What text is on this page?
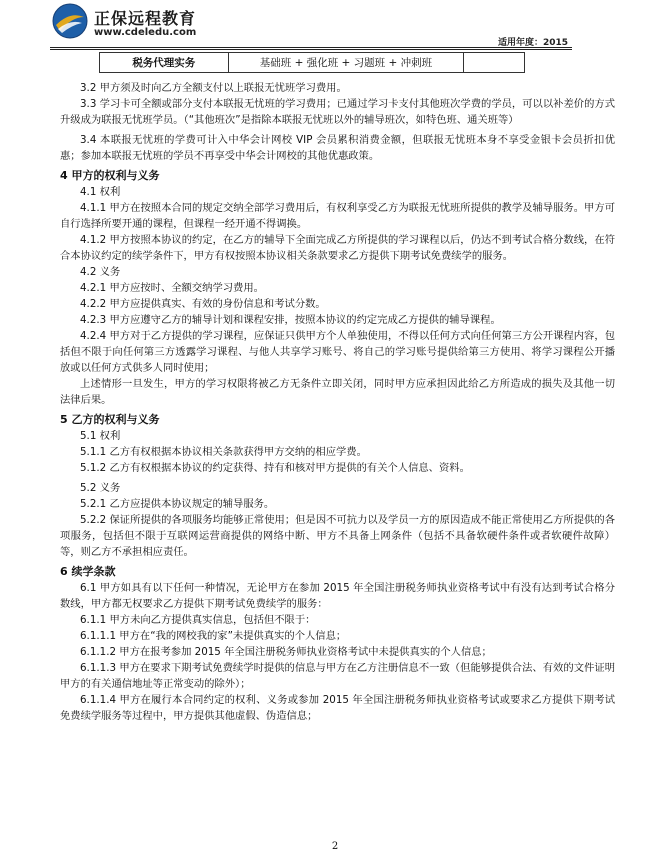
正保远程教育
www.cdeledu.com
适用年度：2015
税务代理实务	基础班 + 强化班 + 习题班 + 冲刺班	

3.2 甲方须及时向乙方全额支付以上联报无忧班学习费用。

3.3 学习卡可全额或部分支付本联报无忧班的学习费用；已通过学习卡支付其他班次学费的学员，可以以补差价的方式升级成为联报无忧班学员。（“其他班次”是指除本联报无忧班以外的辅导班次，如特色班、通关班等）

3.4 本联报无忧班的学费可计入中华会计网校 VIP 会员累积消费金额，但联报无忧班本身不享受金银卡会员折扣优惠；参加本联报无忧班的学员不再享受中华会计网校的其他优惠政策。

4 甲方的权利与义务

4.1 权利

4.1.1 甲方在按照本合同的规定交纳全部学习费用后，有权利享受乙方为联报无忧班所提供的教学及辅导服务。甲方可自行选择所要开通的课程，但课程一经开通不得调换。

4.1.2 甲方按照本协议的约定，在乙方的辅导下全面完成乙方所提供的学习课程以后，仍达不到考试合格分数线，在符合本协议约定的续学条件下，甲方有权按照本协议相关条款要求乙方提供下期考试免费续学的服务。

4.2 义务

4.2.1 甲方应按时、全额交纳学习费用。

4.2.2 甲方应提供真实、有效的身份信息和考试分数。

4.2.3 甲方应遵守乙方的辅导计划和课程安排，按照本协议的约定完成乙方提供的辅导课程。

4.2.4 甲方对于乙方提供的学习课程，应保证只供甲方个人单独使用，不得以任何方式向任何第三方公开课程内容，包括但不限于向任何第三方透露学习课程、与他人共享学习账号、将自己的学习账号提供给第三方使用、将学习课程公开播放或以任何方式供多人同时使用；

上述情形一旦发生，甲方的学习权限将被乙方无条件立即关闭，同时甲方应承担因此给乙方所造成的损失及其他一切法律后果。

5 乙方的权利与义务

5.1 权利

5.1.1 乙方有权根据本协议相关条款获得甲方交纳的相应学费。

5.1.2 乙方有权根据本协议的约定获得、持有和核对甲方提供的有关个人信息、资料。

5.2 义务

5.2.1 乙方应提供本协议规定的辅导服务。

5.2.2 保证所提供的各项服务均能够正常使用；但是因不可抗力以及学员一方的原因造成不能正常使用乙方所提供的各项服务，包括但不限于互联网运营商提供的网络中断、甲方不具备上网条件（包括不具备软硬件条件或者软硬件故障）等，则乙方不承担相应责任。

6 续学条款

6.1 甲方如具有以下任何一种情况，无论甲方在参加 2015 年全国注册税务师执业资格考试中有没有达到考试合格分数线，甲方都无权要求乙方提供下期考试免费续学的服务：

6.1.1 甲方未向乙方提供真实信息，包括但不限于：

6.1.1.1 甲方在“我的网校我的家”未提供真实的个人信息；

6.1.1.2 甲方在报考参加 2015 年全国注册税务师执业资格考试中未提供真实的个人信息；

6.1.1.3 甲方在要求下期考试免费续学时提供的信息与甲方在乙方注册信息不一致（但能够提供合法、有效的文件证明甲方的有关通信地址等正常变动的除外）；

6.1.1.4 甲方在履行本合同约定的权利、义务或参加 2015 年全国注册税务师执业资格考试或要求乙方提供下期考试免费续学服务等过程中，甲方提供其他虚假、伪造信息；

2
